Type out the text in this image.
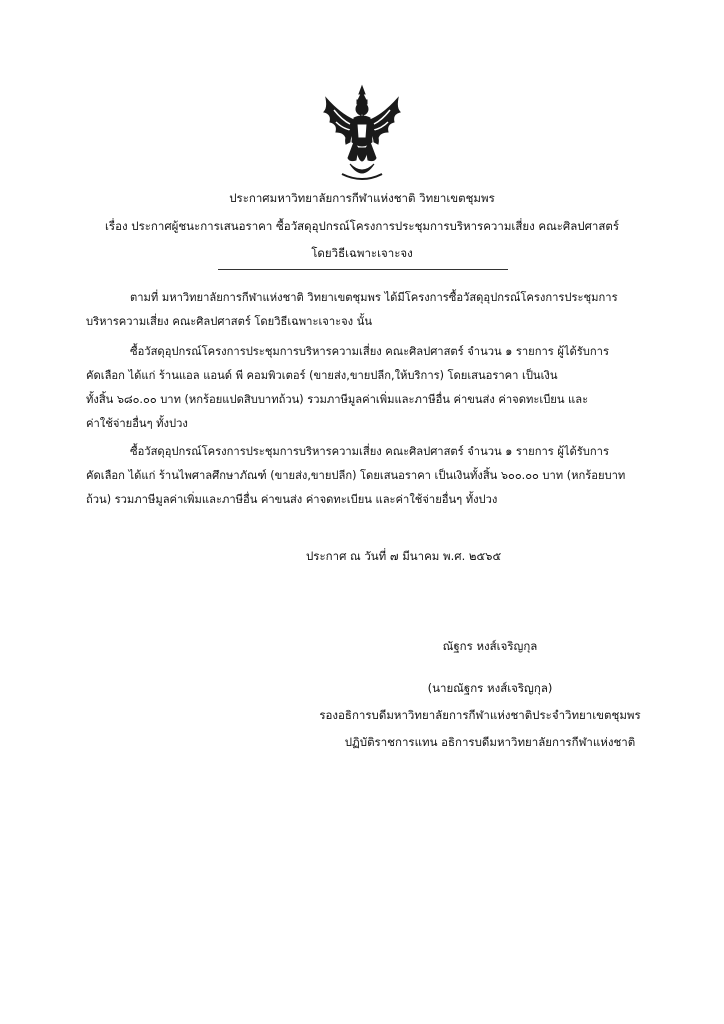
ประกาศมหาวิทยาลัยการกีฬาแห่งชาติ วิทยาเขตชุมพร
เรื่อง ประกาศผู้ชนะการเสนอราคา ซื้อวัสดุอุปกรณ์โครงการประชุมการบริหารความเสี่ยง คณะศิลปศาสตร์
โดยวิธีเฉพาะเจาะจง
ตามที่ มหาวิทยาลัยการกีฬาแห่งชาติ วิทยาเขตชุมพร ได้มีโครงการซื้อวัสดุอุปกรณ์โครงการประชุมการ
บริหารความเสี่ยง คณะศิลปศาสตร์ โดยวิธีเฉพาะเจาะจง นั้น
ซื้อวัสดุอุปกรณ์โครงการประชุมการบริหารความเสี่ยง คณะศิลปศาสตร์ จำนวน ๑ รายการ ผู้ได้รับการ
คัดเลือก ได้แก่ ร้านแอล แอนด์ พี คอมพิวเตอร์ (ขายส่ง,ขายปลีก,ให้บริการ) โดยเสนอราคา เป็นเงิน
ทั้งสิ้น ๖๘๐.๐๐ บาท (หกร้อยแปดสิบบาทถ้วน) รวมภาษีมูลค่าเพิ่มและภาษีอื่น ค่าขนส่ง ค่าจดทะเบียน และ
ค่าใช้จ่ายอื่นๆ ทั้งปวง
ซื้อวัสดุอุปกรณ์โครงการประชุมการบริหารความเสี่ยง คณะศิลปศาสตร์ จำนวน ๑ รายการ ผู้ได้รับการ
คัดเลือก ได้แก่ ร้านไพศาลศึกษาภัณฑ์ (ขายส่ง,ขายปลีก) โดยเสนอราคา เป็นเงินทั้งสิ้น ๖๐๐.๐๐ บาท (หกร้อยบาท
ถ้วน) รวมภาษีมูลค่าเพิ่มและภาษีอื่น ค่าขนส่ง ค่าจดทะเบียน และค่าใช้จ่ายอื่นๆ ทั้งปวง
ประกาศ ณ วันที่ ๗ มีนาคม พ.ศ. ๒๕๖๕
ณัฐกร หงส์เจริญกุล
(นายณัฐกร หงส์เจริญกุล)
รองอธิการบดีมหาวิทยาลัยการกีฬาแห่งชาติประจำวิทยาเขตชุมพร
ปฏิบัติราชการแทน อธิการบดีมหาวิทยาลัยการกีฬาแห่งชาติ
